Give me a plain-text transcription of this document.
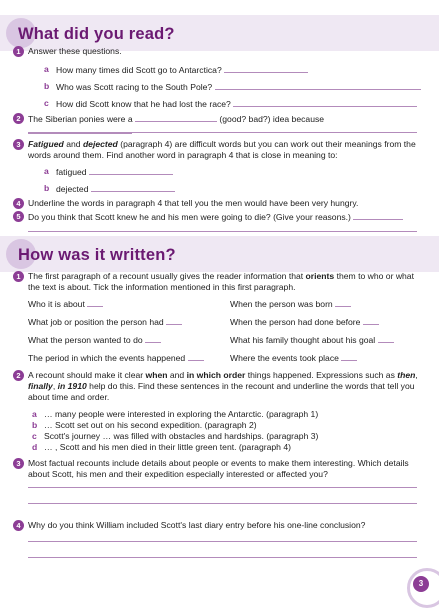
What did you read?
1 Answer these questions.
a How many times did Scott go to Antarctica?
b Who was Scott racing to the South Pole?
c How did Scott know that he had lost the race?
2 The Siberian ponies were a	(good? bad?) idea because
3 Fatigued and dejected (paragraph 4) are difficult words but you can work out their meanings from the words around them. Find another word in paragraph 4 that is close in meaning to:
a fatigued
b dejected
4 Underline the words in paragraph 4 that tell you the men would have been very hungry.
5 Do you think that Scott knew he and his men were going to die? (Give your reasons.)
How was it written?
1 The first paragraph of a recount usually gives the reader information that orients them to who or what the text is about. Tick the information mentioned in this first paragraph.
Who it is about
What job or position the person had
What the person wanted to do
The period in which the events happened
When the person was born
When the person had done before
What his family thought about his goal
Where the events took place
2 A recount should make it clear when and in which order things happened. Expressions such as then, finally, in 1910 help do this. Find these sentences in the recount and underline the words that tell you about time and order.
a … many people were interested in exploring the Antarctic. (paragraph 1)
b … Scott set out on his second expedition. (paragraph 2)
c Scott's journey … was filled with obstacles and hardships. (paragraph 3)
d … , Scott and his men died in their little green tent. (paragraph 4)
3 Most factual recounts include details about people or events to make them interesting. Which details about Scott, his men and their expedition especially interested or affected you?
4 Why do you think William included Scott's last diary entry before his one-line conclusion?
3
